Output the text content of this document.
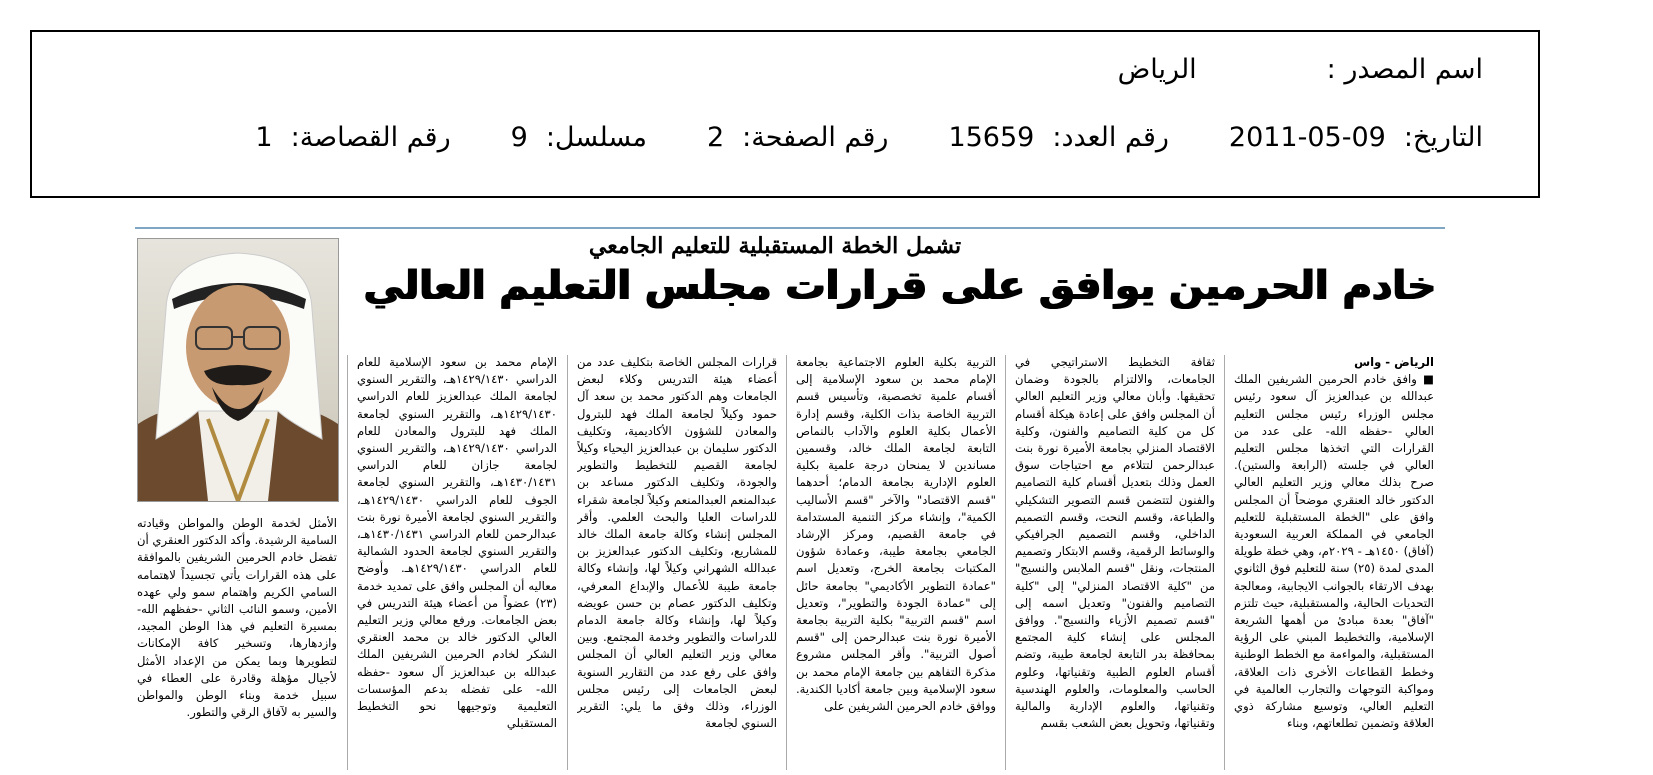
اسم المصدر :الرياض
التاريخ:2011-05-09رقم العدد:15659رقم الصفحة:2مسلسل:9رقم القصاصة:1
تشمل الخطة المستقبلية للتعليم الجامعي
خادم الحرمين يوافق على قرارات مجلس التعليم العالي

الرياض - واس
■ وافق خادم الحرمين الشريفين الملك عبدالله بن عبدالعزيز آل سعود رئيس مجلس الوزراء رئيس مجلس التعليم العالي -حفظه الله- على عدد من القرارات التي اتخذها مجلس التعليم العالي في جلسته (الرابعة والستين). صرح بذلك معالي وزير التعليم العالي الدكتور خالد العنقري موضحاً أن المجلس وافق على "الخطة المستقبلية للتعليم الجامعي في المملكة العربية السعودية (آفاق) ١٤٥٠هـ - ٢٠٢٩م، وهي خطة طويلة المدى لمدة (٢٥) سنة للتعليم فوق الثانوي بهدف الارتقاء بالجوانب الايجابية، ومعالجة التحديات الحالية، والمستقبلية، حيث تلتزم "آفاق" بعدة مبادئ من أهمها الشريعة الإسلامية، والتخطيط المبني على الرؤية المستقبلية، والمواءمة مع الخطط الوطنية وخطط القطاعات الأخرى ذات العلاقة، ومواكبة التوجهات والتجارب العالمية في التعليم العالي، وتوسيع مشاركة ذوي العلاقة وتضمين تطلعاتهم، وبناء

ثقافة التخطيط الاستراتيجي في الجامعات، والالتزام بالجودة وضمان تحقيقها. وأبان معالي وزير التعليم العالي أن المجلس وافق على إعادة هيكلة أقسام كل من كلية التصاميم والفنون، وكلية الاقتصاد المنزلي بجامعة الأميرة نورة بنت عبدالرحمن لتتلاءم مع احتياجات سوق العمل وذلك بتعديل أقسام كلية التصاميم والفنون لتتضمن قسم التصوير التشكيلي والطباعة، وقسم النحت، وقسم التصميم الداخلي، وقسم التصميم الجرافيكي والوسائط الرقمية، وقسم الابتكار وتصميم المنتجات، ونقل "قسم الملابس والنسيج" من "كلية الاقتصاد المنزلي" إلى "كلية التصاميم والفنون" وتعديل اسمه إلى "قسم تصميم الأزياء والنسيج". ووافق المجلس على إنشاء كلية المجتمع بمحافظة بدر التابعة لجامعة طيبة، وتضم أقسام العلوم الطبية وتقنياتها، وعلوم الحاسب والمعلومات، والعلوم الهندسية وتقنياتها، والعلوم الإدارية والمالية وتقنياتها، وتحويل بعض الشعب بقسم

التربية بكلية العلوم الاجتماعية بجامعة الإمام محمد بن سعود الإسلامية إلى أقسام علمية تخصصية، وتأسيس قسم التربية الخاصة بذات الكلية، وقسم إدارة الأعمال بكلية العلوم والآداب بالنماص التابعة لجامعة الملك خالد، وقسمين مساندين لا يمنحان درجة علمية بكلية العلوم الإدارية بجامعة الدمام؛ أحدهما "قسم الاقتصاد" والآخر "قسم الأساليب الكمية"، وإنشاء مركز التنمية المستدامة في جامعة القصيم، ومركز الإرشاد الجامعي بجامعة طيبة، وعمادة شؤون المكتبات بجامعة الخرج، وتعديل اسم "عمادة التطوير الأكاديمي" بجامعة حائل إلى "عمادة الجودة والتطوير"، وتعديل اسم "قسم التربية" بكلية التربية بجامعة الأميرة نورة بنت عبدالرحمن إلى "قسم أصول التربية". وأقر المجلس مشروع مذكرة التفاهم بين جامعة الإمام محمد بن سعود الإسلامية وبين جامعة أكاديا الكندية. ووافق خادم الحرمين الشريفين على

قرارات المجلس الخاصة بتكليف عدد من أعضاء هيئة التدريس وكلاء لبعض الجامعات وهم الدكتور محمد بن سعد آل حمود وكيلاً لجامعة الملك فهد للبترول والمعادن للشؤون الأكاديمية، وتكليف الدكتور سليمان بن عبدالعزيز اليحياء وكيلاً لجامعة القصيم للتخطيط والتطوير والجودة، وتكليف الدكتور مساعد بن عبدالمنعم العبدالمنعم وكيلاً لجامعة شقراء للدراسات العليا والبحث العلمي. وأقر المجلس إنشاء وكالة جامعة الملك خالد للمشاريع، وتكليف الدكتور عبدالعزيز بن عبدالله الشهراني وكيلاً لها، وإنشاء وكالة جامعة طيبة للأعمال والإبداع المعرفي، وتكليف الدكتور عصام بن حسن عويضه وكيلاً لها، وإنشاء وكالة جامعة الدمام للدراسات والتطوير وخدمة المجتمع. وبين معالي وزير التعليم العالي أن المجلس وافق على رفع عدد من التقارير السنوية لبعض الجامعات إلى رئيس مجلس الوزراء، وذلك وفق ما يلي: التقرير السنوي لجامعة

الإمام محمد بن سعود الإسلامية للعام الدراسي ١٤٢٩/١٤٣٠هـ، والتقرير السنوي لجامعة الملك عبدالعزيز للعام الدراسي ١٤٢٩/١٤٣٠هـ، والتقرير السنوي لجامعة الملك فهد للبترول والمعادن للعام الدراسي ١٤٢٩/١٤٣٠هـ، والتقرير السنوي لجامعة جازان للعام الدراسي ١٤٣٠/١٤٣١هـ، والتقرير السنوي لجامعة الجوف للعام الدراسي ١٤٢٩/١٤٣٠هـ، والتقرير السنوي لجامعة الأميرة نورة بنت عبدالرحمن للعام الدراسي ١٤٣٠/١٤٣١هـ، والتقرير السنوي لجامعة الحدود الشمالية للعام الدراسي ١٤٢٩/١٤٣٠هـ. وأوضح معاليه أن المجلس وافق على تمديد خدمة (٢٣) عضواً من أعضاء هيئة التدريس في بعض الجامعات. ورفع معالي وزير التعليم العالي الدكتور خالد بن محمد العنقري الشكر لخادم الحرمين الشريفين الملك عبدالله بن عبدالعزيز آل سعود -حفظه الله- على تفضله بدعم المؤسسات التعليمية وتوجيهها نحو التخطيط المستقبلي

الأمثل لخدمة الوطن والمواطن وقيادته السامية الرشيدة. وأكد الدكتور العنقري أن تفضل خادم الحرمين الشريفين بالموافقة على هذه القرارات يأتي تجسيداً لاهتمامه السامي الكريم واهتمام سمو ولي عهده الأمين، وسمو النائب الثاني -حفظهم الله- بمسيرة التعليم في هذا الوطن المجيد، وازدهارها، وتسخير كافة الإمكانات لتطويرها وبما يمكن من الإعداد الأمثل لأجيال مؤهلة وقادرة على العطاء في سبيل خدمة وبناء الوطن والمواطن والسير به لآفاق الرقي والتطور.
